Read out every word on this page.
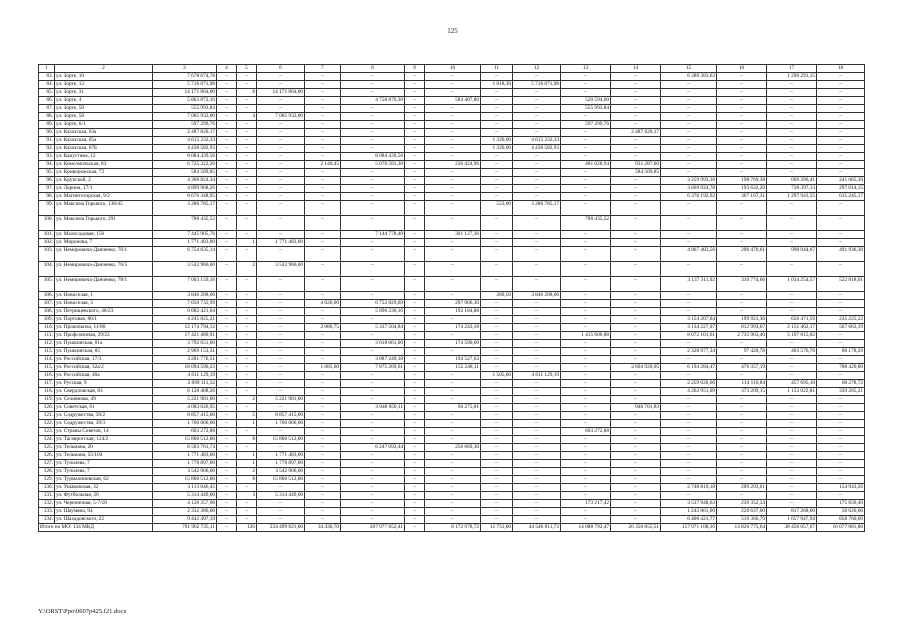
125
1	2	3	4	5	6	7	8	9	10	11	12	13	14	15	16	17	18
83.	ул. Зорге, 10	7 678 674,78	–	–	–	–	–	–	–	–	–	–	–	6 388 383,63	–	1 290 291,15	–
84.	ул. Зорге, 12	5 716 071,98	–	–	–	–	–	–	–	1 818,30	5 716 071,98	–	–	–	–	–	–
85.	ул. Зорге, 31	14 171 864,00	–	8	14 171 864,00	–	–	–	–	–	–	–	–	–	–	–	–
86.	ул. Зорге, 4	5 863 872,10	–	–	–	–	4 758 870,30	–	584 407,80	–	–	520 594,00	–	–	–	–	–
87.	ул. Зорге, 50	555 993,84	–	–	–	–	–	–	–	–	–	555 993,84	–	–	–	–	–
88.	ул. Зорге, 58	7 085 932,00	–	4	7 085 932,00	–	–	–	–	–	–	–	–	–	–	–	–
89.	ул. Зорге, 6/1	597 299,76	–	–	–	–	–	–	–	–	–	597 299,76	–	–	–	–	–
90.	ул. Казахская, 63а	2 487 820,17	–	–	–	–	–	–	–	–	–	–	2 487 820,17	–	–	–	–
91.	ул. Казахская, 65а	4 615 332,33	–	–	–	–	–	–	–	1 320,00	4 615 332,33	–	–	–	–	–	–
92.	ул. Казахская, 67Б	4 438 582,93	–	–	–	–	–	–	–	1 320,00	4 438 582,93	–	–	–	–	–	–
93.	ул. Капустина, 12	8 084 439,56	–	–	–	–	8 084 439,56	–	–	–	–	–	–	–	–	–	–
94.	ул. Комсомольская, 83	6 725 322,20	–	–	–	2 140,45	5 076 581,30	–	236 424,96	–	–	481 028,94	931 287,00	–	–	–	–
95.	ул. Криворожская, 72	584 569,85	–	–	–	–	–	–	–	–	–	–	584 569,85	–	–	–	–
96.	ул. Крупской, 2	4 368 824,34	–	–	–	–	–	–	–	–	–	–	–	3 259 993,16	198 769,38	669 396,41	241 065,39
97.	ул. Ларина, 17/1	4 899 968,26	–	–	–	–	–	–	–	–	–	–	–	3 669 924,78	193 632,20	738 397,13	297 014,15
98.	ул. Магнитогорская, 9/2	8 676 348,95	–	–	–	–	–	–	–	–	–	–	–	6 376 192,92	367 167,31	1 297 943,55	635 245,17
99.	ул. Максима Горького, 138/45	3 286 785,17	–	–	–	–	–	–	–	523,00	3 286 785,17	–	–	–	–	–	–
100.	ул. Максима Горького, 291	788 435,52	–	–	–	–	–	–	–	–	–	788 435,52	–	–	–	–	–
101.	ул. Малосадовая, 156	7 445 905,76	–	–	–	–	7 144 778,40	–	301 127,36	–	–	–	–	–	–	–	–
102.	ул. Миронова, 7	1 771 483,00	–	1	1 771 483,00	–	–	–	–	–	–	–	–	–	–	–	–
103.	ул. Немировича-Данченко, 76/1	6 754 835,14	–	–	–	–	–	–	–	–	–	–	–	4 967 483,56	296 470,61	998 944,67	491 936,30
104.	ул. Немировича-Данченко, 76/5	3 542 966,00	–	2	3 542 966,00	–	–	–	–	–	–	–	–	–	–	–	–
105.	ул. Немировича-Данченко, 78/1	7 003 159,16	–	–	–	–	–	–	–	–	–	–	–	3 137 311,92	310 774,66	1 034 254,57	522 818,01
106.	ул. Новоселая, 1	3 846 208,66	–	–	–	–	–	–	–	280,50	3 846 208,66	–	–	–	–	–	–
107.	ул. Новоселая, 3	7 050 735,99	–	–	–	4 026,00	6 752 829,69	–	297 906,30	–	–	–	–	–	–	–	–
108.	ул. Петрищевского, 48/23	6 082 421,04	–	–	–	–	5 890 236,16	–	192 184,88	–	–	–	–	–	–	–	–
109.	ул. Портовая, 80/1	4 245 825,21	–	–	–	–	–	–	–	–	–	–	–	3 154 207,04	199 921,36	656 471,59	235 225,22
110.	ул. Прокопьича, 11/80	12 174 794,12	–	–	–	2 080,75	5 337 504,84	–	174 243,18	–	–	–	–	3 134 227,07	812 993,67	2 151 462,17	567 663,19
111.	ул. Профсоюзная, 29/22	17 421 480,91	–	–	–	–	–	–	–	–	–	1 415 600,88	–	8 072 101,61	2 735 963,40	5 197 815,02	–
112.	ул. Пушкинская, 81а	3 792 651,00	–	–	–	–	3 618 061,00	–	174 590,00	–	–	–	–	–	–	–	–
113.	ул. Пушкинская, 85	2 969 153,31	–	–	–	–	–	–	–	–	–	–	–	2 328 977,34	97 420,78	463 576,70	80 178,29
114.	ул. Российская, 17/3	3 281 776,51	–	–	–	–	3 087 249,18	–	194 527,63	–	–	–	–	–	–	–	–
115.	ул. Российская, 32а/2	18 094 590,23	–	–	–	1 085,60	7 875 269,61	–	155 248,11	–	–	–	2 604 920,05	6 194 284,47	476 357,19	–	788 420,80
116.	ул. Российская, 40а	4 611 129,19	–	–	–	–	–	–	–	1 505,60	4 611 129,19	–	–	–	–	–	–
117.	ул. Русская, 9	2 899 111,32	–	–	–	–	–	–	–	–	–	–	–	2 259 020,66	114 116,84	457 695,10	68 278,72
118.	ул. Свердловская, 83	6 128 468,26	–	–	–	–	–	–	–	–	–	–	–	4 262 951,09	373 209,15	1 153 022,81	339 285,21
119.	ул. Селивнова, 49	5 221 901,00	–	2	5 221 901,00	–	–	–	–	–	–	–	–	–	–	–	–
120.	ул. Советская, 61	4 083 026,95	–	–	–	–	3 048 050,11	–	94 275,01	–	–	–	940 701,83	–	–	–	–
121.	ул. Содружества, 39/2	8 857 415,00	–	5	8 857 415,00	–	–	–	–	–	–	–	–	–	–	–	–
122.	ул. Содружества, 39/3	1 760 000,00	–	1	1 760 000,00	–	–	–	–	–	–	–	–	–	–	–	–
123.	ул. Страны Советов, 14	603 272,88	–	–	–	–	–	–	–	–	–	603 272,88	–	–	–	–	–
124.	ул. Таганрогская, 124/2	15 860 512,00	–	8	15 860 512,00	–	–	–	–	–	–	–	–	–	–	–	–
125.	ул. Тельмана, 20	6 503 761,74	–	–	–	–	6 247 092,44	–	256 669,30	–	–	–	–	–	–	–	–
126.	ул. Тельмана, 55/104	1 771 483,00	–	1	1 771 483,00	–	–	–	–	–	–	–	–	–	–	–	–
127.	ул. Туполева, 7	1 778 897,00	–	1	1 778 897,00	–	–	–	–	–	–	–	–	–	–	–	–
128.	ул. Туполева, 7	3 542 966,00	–	2	3 542 966,00	–	–	–	–	–	–	–	–	–	–	–	–
129.	ул. Турмалиновская, 62	15 860 512,00	–	8	15 860 512,00	–	–	–	–	–	–	–	–	–	–	–	–
130.	ул. Ушаковская, 32	3 113 046,45	–	–	–	–	–	–	–	–	–	–	–	2 748 810,18	209 293,01	–	154 943,26
131.	ул. Футбольная, 26	5 314 449,00	–	3	5 314 449,00	–	–	–	–	–	–	–	–	–	–	–	–
132.	ул. Черепичная, 5-7/18	4 126 357,90	–	–	–	–	–	–	–	–	–	173 217,42	–	3 537 948,63	239 352,34	–	175 839,49
133.	ул. Шаумяна, 94	2 332 386,00	–	–	–	–	–	–	–	–	–	–	–	1 243 861,00	220 637,00	817 268,00	50 620,00
134.	ул. Шахадовского, 22	9 442 497,19	–	–	–	–	–	–	–	–	–	–	–	6 406 421,77	519 366,79	1 657 947,94	858 760,69
Итого по МО: 134 МКД		761 962 735,11	–	126	234 499 821,00	34 430,70	207 977 852,41	–	8 172 978,72	12 751,00	44 546 811,73	14 088 792,47	26 350 855,51	157 971 108,16	13 820 775,64	38 456 057,67	16 077 681,80
Y:\ORST\Ppo\0607p425.f21.docx
